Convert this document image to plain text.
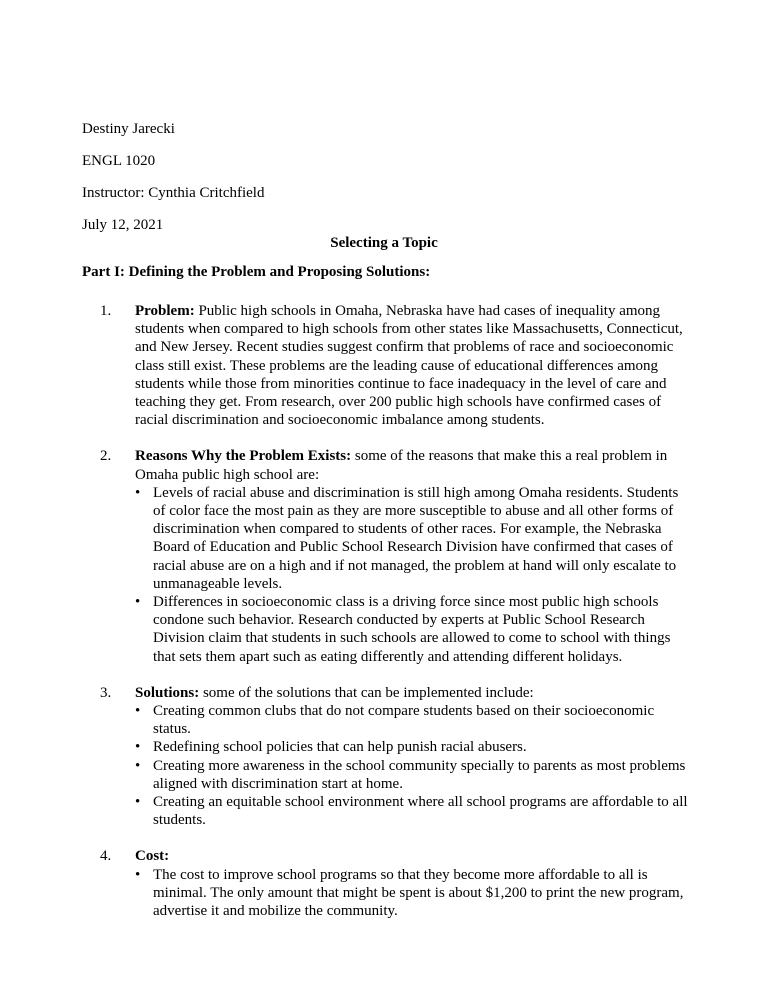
Destiny Jarecki

ENGL 1020

Instructor: Cynthia Critchfield

July 12, 2021

Selecting a Topic

Part I: Defining the Problem and Proposing Solutions:

1. Problem: Public high schools in Omaha, Nebraska have had cases of inequality among students when compared to high schools from other states like Massachusetts, Connecticut, and New Jersey. Recent studies suggest confirm that problems of race and socioeconomic class still exist. These problems are the leading cause of educational differences among students while those from minorities continue to face inadequacy in the level of care and teaching they get. From research, over 200 public high schools have confirmed cases of racial discrimination and socioeconomic imbalance among students.
2. Reasons Why the Problem Exists: some of the reasons that make this a real problem in Omaha public high school are:
• Levels of racial abuse and discrimination is still high among Omaha residents. Students of color face the most pain as they are more susceptible to abuse and all other forms of discrimination when compared to students of other races. For example, the Nebraska Board of Education and Public School Research Division have confirmed that cases of racial abuse are on a high and if not managed, the problem at hand will only escalate to unmanageable levels.
• Differences in socioeconomic class is a driving force since most public high schools condone such behavior. Research conducted by experts at Public School Research Division claim that students in such schools are allowed to come to school with things that sets them apart such as eating differently and attending different holidays.
3. Solutions: some of the solutions that can be implemented include:
• Creating common clubs that do not compare students based on their socioeconomic status.
• Redefining school policies that can help punish racial abusers.
• Creating more awareness in the school community specially to parents as most problems aligned with discrimination start at home.
• Creating an equitable school environment where all school programs are affordable to all students.
4. Cost:
• The cost to improve school programs so that they become more affordable to all is minimal. The only amount that might be spent is about $1,200 to print the new program, advertise it and mobilize the community.
